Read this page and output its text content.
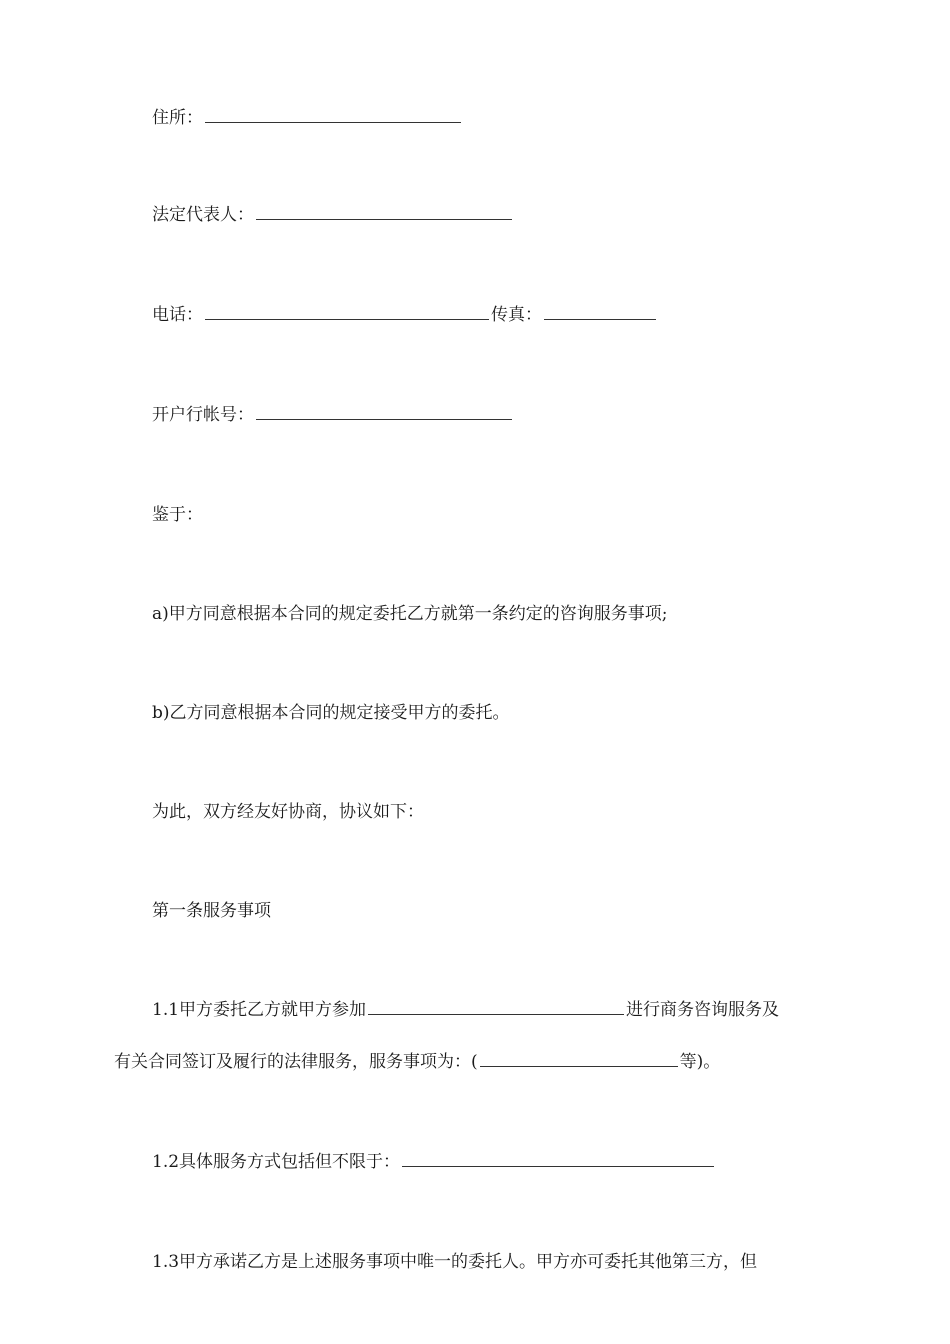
住所：
法定代表人：
电话：	传真：
开户行帐号：
鉴于：
a)甲方同意根据本合同的规定委托乙方就第一条约定的咨询服务事项;
b)乙方同意根据本合同的规定接受甲方的委托。
为此，双方经友好协商，协议如下：
第一条服务事项
1.1甲方委托乙方就甲方参加	进行商务咨询服务及
有关合同签订及履行的法律服务，服务事项为：(	等)。
1.2具体服务方式包括但不限于：
1.3甲方承诺乙方是上述服务事项中唯一的委托人。甲方亦可委托其他第三方，但
